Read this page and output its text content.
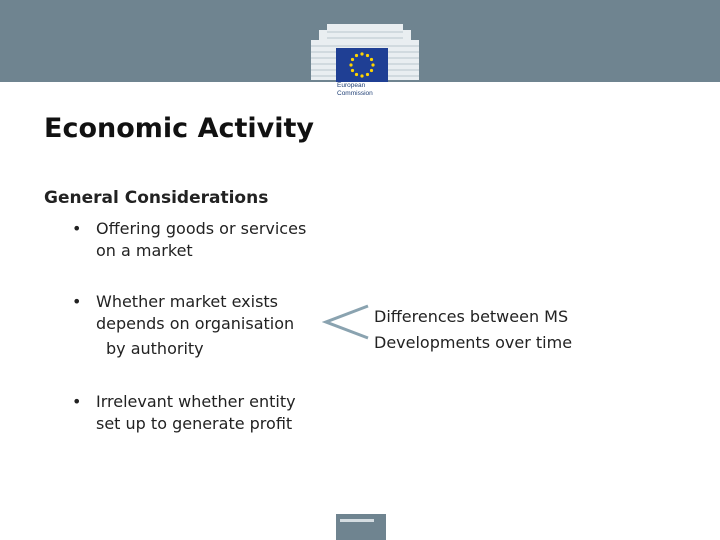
European
Commission
Economic Activity
General Considerations
• Offering goods or services
on a market
• Whether market exists
depends on organisation
by authority
• Irrelevant whether entity
set up to generate profit
Differences between MS
Developments over time
